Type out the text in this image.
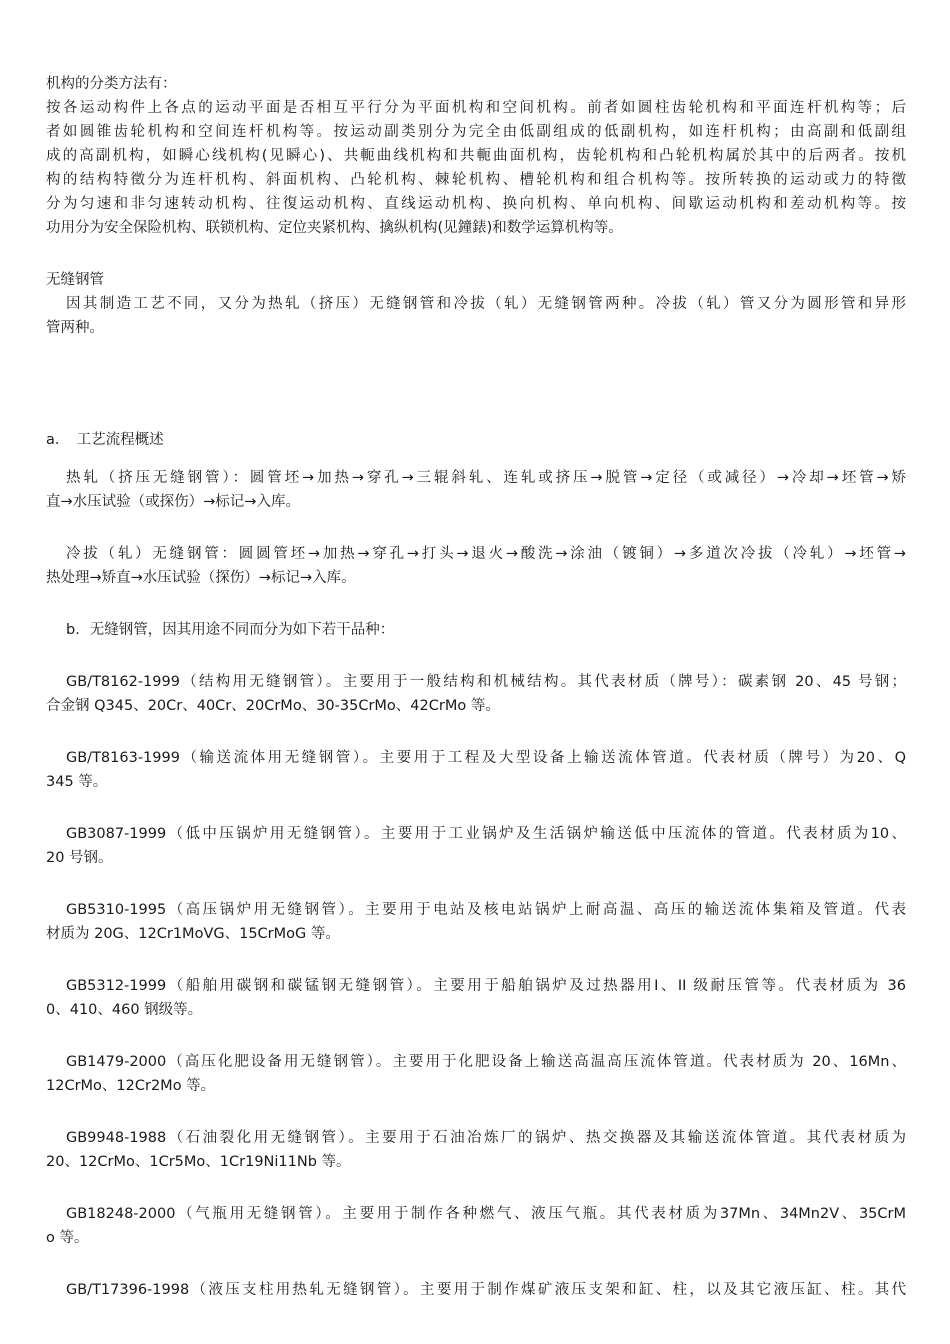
机构的分类方法有：
按各运动构件上各点的运动平面是否相互平行分为平面机构和空间机构。前者如圆柱齿轮机构和平面连杆机构等；后
者如圆锥齿轮机构和空间连杆机构等。按运动副类别分为完全由低副组成的低副机构，如连杆机构；由高副和低副组
成的高副机构，如瞬心线机构(见瞬心)、共軛曲线机构和共軛曲面机构，齿轮机构和凸轮机构属於其中的后两者。按机
构的结构特徵分为连杆机构、斜面机构、凸轮机构、棘轮机构、槽轮机构和组合机构等。按所转换的运动或力的特徵
分为匀速和非匀速转动机构、往復运动机构、直线运动机构、换向机构、单向机构、间歇运动机构和差动机构等。按
功用分为安全保险机构、联锁机构、定位夹紧机构、擒纵机构(见鐘錶)和数学运算机构等。
无缝钢管
因其制造工艺不同，又分为热轧（挤压）无缝钢管和冷拔（轧）无缝钢管两种。冷拔（轧）管又分为圆形管和异形
管两种。
a．　工艺流程概述
热轧（挤压无缝钢管）：圆管坯→加热→穿孔→三辊斜轧、连轧或挤压→脱管→定径（或减径）→冷却→坯管→矫
直→水压试验（或探伤）→标记→入库。
冷拔（轧）无缝钢管：圆圆管坯→加热→穿孔→打头→退火→酸洗→涂油（镀铜）→多道次冷拔（冷轧）→坯管→
热处理→矫直→水压试验（探伤）→标记→入库。
b．无缝钢管，因其用途不同而分为如下若干品种：
GB/T8162-1999（结构用无缝钢管）。主要用于一般结构和机械结构。其代表材质（牌号）：碳素钢 20、45 号钢；
合金钢 Q345、20Cr、40Cr、20CrMo、30-35CrMo、42CrMo 等。
GB/T8163-1999（输送流体用无缝钢管）。主要用于工程及大型设备上输送流体管道。代表材质（牌号）为20、Q
345 等。
GB3087-1999（低中压锅炉用无缝钢管）。主要用于工业锅炉及生活锅炉输送低中压流体的管道。代表材质为10、
20 号钢。
GB5310-1995（高压锅炉用无缝钢管）。主要用于电站及核电站锅炉上耐高温、高压的输送流体集箱及管道。代表
材质为 20G、12Cr1MoVG、15CrMoG 等。
GB5312-1999（船舶用碳钢和碳锰钢无缝钢管）。主要用于船舶锅炉及过热器用I、II 级耐压管等。代表材质为 36
0、410、460 钢级等。
GB1479-2000（高压化肥设备用无缝钢管）。主要用于化肥设备上输送高温高压流体管道。代表材质为 20、16Mn、
12CrMo、12Cr2Mo 等。
GB9948-1988（石油裂化用无缝钢管）。主要用于石油冶炼厂的锅炉、热交换器及其输送流体管道。其代表材质为
20、12CrMo、1Cr5Mo、1Cr19Ni11Nb 等。
GB18248-2000（气瓶用无缝钢管）。主要用于制作各种燃气、液压气瓶。其代表材质为37Mn、34Mn2V、35CrM
o 等。
GB/T17396-1998（液压支柱用热轧无缝钢管）。主要用于制作煤矿液压支架和缸、柱，以及其它液压缸、柱。其代
